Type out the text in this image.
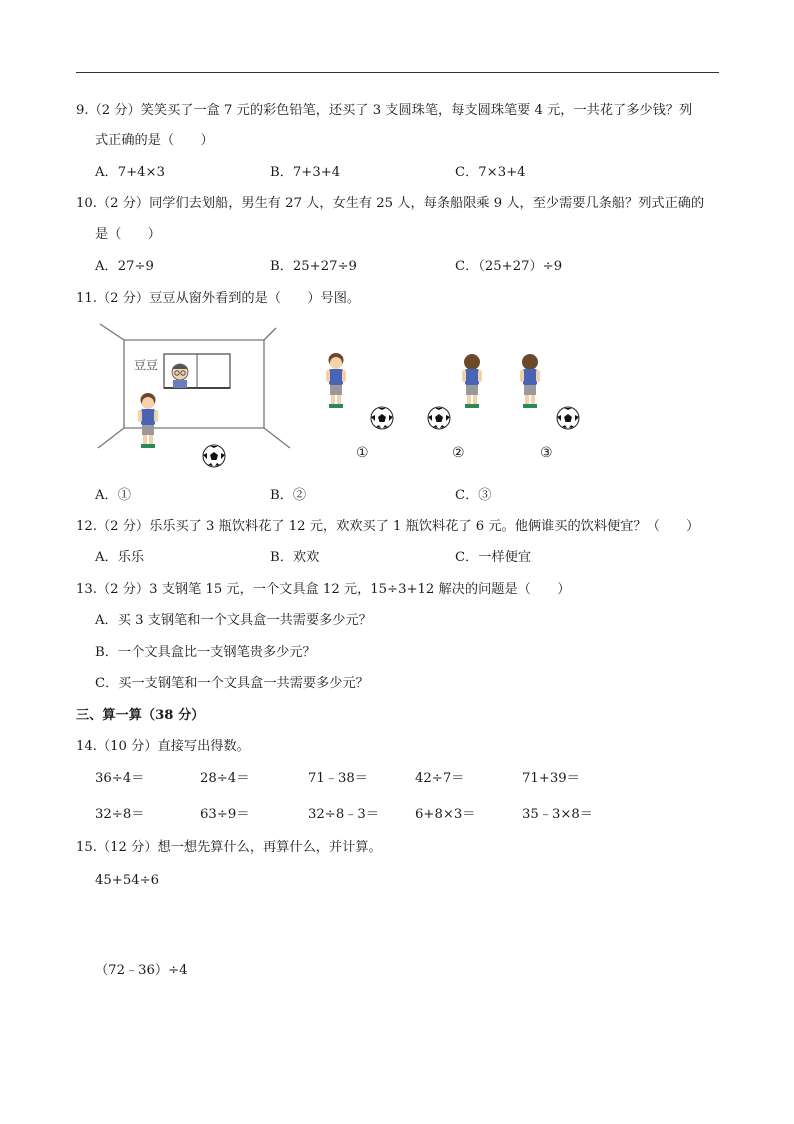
9.（2 分）笑笑买了一盒 7 元的彩色铅笔，还买了 3 支圆珠笔，每支圆珠笔要 4 元，一共花了多少钱？列
式正确的是（　　）
A．7+4×3	B．7+3+4	C．7×3+4
10.（2 分）同学们去划船，男生有 27 人，女生有 25 人，每条船限乘 9 人，至少需要几条船？列式正确的
是（　　）
A．27÷9	B．25+27÷9	C．（25+27）÷9
11.（2 分）豆豆从窗外看到的是（　　）号图。
豆豆
①	②	③
A．①	B．②	C．③
12.（2 分）乐乐买了 3 瓶饮料花了 12 元，欢欢买了 1 瓶饮料花了 6 元。他俩谁买的饮料便宜？（　　）
A．乐乐	B．欢欢	C．一样便宜
13.（2 分）3 支钢笔 15 元，一个文具盒 12 元，15÷3+12 解决的问题是（　　）
A．买 3 支钢笔和一个文具盒一共需要多少元？
B．一个文具盒比一支钢笔贵多少元？
C．买一支钢笔和一个文具盒一共需要多少元？
三、算一算（38 分）
14.（10 分）直接写出得数。
36÷4＝	28÷4＝	71﹣38＝	42÷7＝	71+39＝
32÷8＝	63÷9＝	32÷8﹣3＝	6+8×3＝	35﹣3×8＝
15.（12 分）想一想先算什么，再算什么，并计算。
45+54÷6
（72﹣36）÷4
